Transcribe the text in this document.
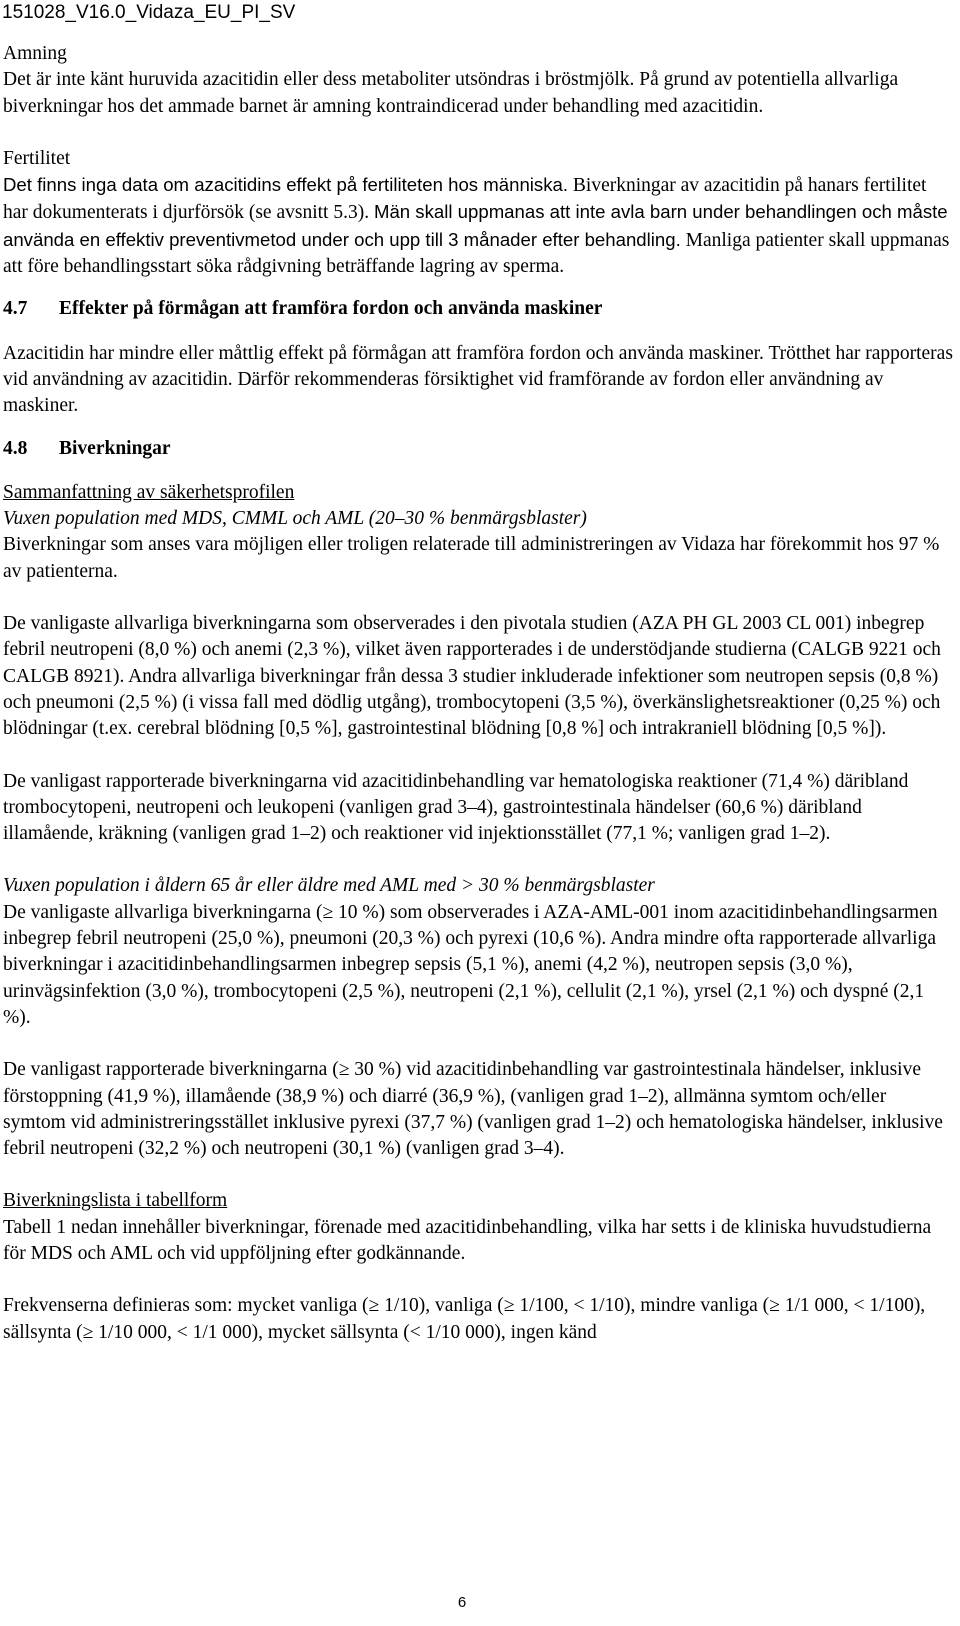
151028_V16.0_Vidaza_EU_PI_SV

Amning

Det är inte känt huruvida azacitidin eller dess metaboliter utsöndras i bröstmjölk. På grund av potentiella allvarliga biverkningar hos det ammade barnet är amning kontraindicerad under behandling med azacitidin.

Fertilitet

Det finns inga data om azacitidins effekt på fertiliteten hos människa. Biverkningar av azacitidin på hanars fertilitet har dokumenterats i djurförsök (se avsnitt 5.3). Män skall uppmanas att inte avla barn under behandlingen och måste använda en effektiv preventivmetod under och upp till 3 månader efter behandling. Manliga patienter skall uppmanas att före behandlingsstart söka rådgivning beträffande lagring av sperma.

4.7 Effekter på förmågan att framföra fordon och använda maskiner

Azacitidin har mindre eller måttlig effekt på förmågan att framföra fordon och använda maskiner. Trötthet har rapporteras vid användning av azacitidin. Därför rekommenderas försiktighet vid framförande av fordon eller användning av maskiner.

4.8 Biverkningar

Sammanfattning av säkerhetsprofilen

Vuxen population med MDS, CMML och AML (20–30 % benmärgsblaster)

Biverkningar som anses vara möjligen eller troligen relaterade till administreringen av Vidaza har förekommit hos 97 % av patienterna.

De vanligaste allvarliga biverkningarna som observerades i den pivotala studien (AZA PH GL 2003 CL 001) inbegrep febril neutropeni (8,0 %) och anemi (2,3 %), vilket även rapporterades i de understödjande studierna (CALGB 9221 och CALGB 8921). Andra allvarliga biverkningar från dessa 3 studier inkluderade infektioner som neutropen sepsis (0,8 %) och pneumoni (2,5 %) (i vissa fall med dödlig utgång), trombocytopeni (3,5 %), överkänslighetsreaktioner (0,25 %) och blödningar (t.ex. cerebral blödning [0,5 %], gastrointestinal blödning [0,8 %] och intrakraniell blödning [0,5 %]).

De vanligast rapporterade biverkningarna vid azacitidinbehandling var hematologiska reaktioner (71,4 %) däribland trombocytopeni, neutropeni och leukopeni (vanligen grad 3–4), gastrointestinala händelser (60,6 %) däribland illamående, kräkning (vanligen grad 1–2) och reaktioner vid injektionsstället (77,1 %; vanligen grad 1–2).

Vuxen population i åldern 65 år eller äldre med AML med > 30 % benmärgsblaster

De vanligaste allvarliga biverkningarna (≥ 10 %) som observerades i AZA-AML-001 inom azacitidinbehandlingsarmen inbegrep febril neutropeni (25,0 %), pneumoni (20,3 %) och pyrexi (10,6 %). Andra mindre ofta rapporterade allvarliga biverkningar i azacitidinbehandlingsarmen inbegrep sepsis (5,1 %), anemi (4,2 %), neutropen sepsis (3,0 %), urinvägsinfektion (3,0 %), trombocytopeni (2,5 %), neutropeni (2,1 %), cellulit (2,1 %), yrsel (2,1 %) och dyspné (2,1 %).

De vanligast rapporterade biverkningarna (≥ 30 %) vid azacitidinbehandling var gastrointestinala händelser, inklusive förstoppning (41,9 %), illamående (38,9 %) och diarré (36,9 %), (vanligen grad 1–2), allmänna symtom och/eller symtom vid administreringsstället inklusive pyrexi (37,7 %) (vanligen grad 1–2) och hematologiska händelser, inklusive febril neutropeni (32,2 %) och neutropeni (30,1 %) (vanligen grad 3–4).

Biverkningslista i tabellform

Tabell 1 nedan innehåller biverkningar, förenade med azacitidinbehandling, vilka har setts i de kliniska huvudstudierna för MDS och AML och vid uppföljning efter godkännande.

Frekvenserna definieras som: mycket vanliga (≥ 1/10), vanliga (≥ 1/100, < 1/10), mindre vanliga (≥ 1/1 000, < 1/100), sällsynta (≥ 1/10 000, < 1/1 000), mycket sällsynta (< 1/10 000), ingen känd

6
